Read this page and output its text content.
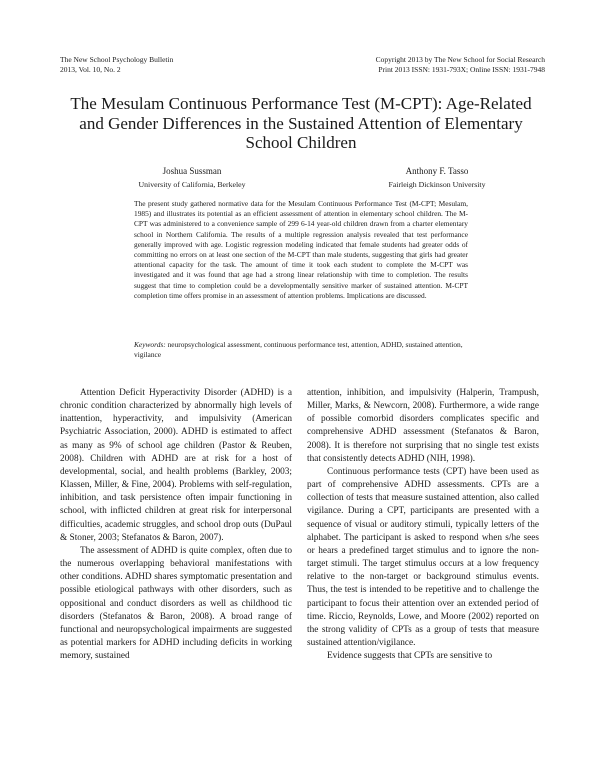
The New School Psychology Bulletin
2013, Vol. 10, No. 2
Copyright 2013 by The New School for Social Research
Print 2013 ISSN: 1931-793X; Online ISSN: 1931-7948
The Mesulam Continuous Performance Test (M-CPT): Age-Related and Gender Differences in the Sustained Attention of Elementary School Children
Joshua Sussman
University of California, Berkeley
Anthony F. Tasso
Fairleigh Dickinson University

The present study gathered normative data for the Mesulam Continuous Performance Test (M-CPT; Mesulam, 1985) and illustrates its potential as an efficient assessment of attention in elementary school children. The M-CPT was administered to a convenience sample of 299 6-14 year-old children drawn from a charter elementary school in Northern California. The results of a multiple regression analysis revealed that test performance generally improved with age. Logistic regression modeling indicated that female students had greater odds of committing no errors on at least one section of the M-CPT than male students, suggesting that girls had greater attentional capacity for the task. The amount of time it took each student to complete the M-CPT was investigated and it was found that age had a strong linear relationship with time to completion. The results suggest that time to completion could be a developmentally sensitive marker of sustained attention. M-CPT completion time offers promise in an assessment of attention problems. Implications are discussed.

Keywords: neuropsychological assessment, continuous performance test, attention, ADHD, sustained attention, vigilance

Attention Deficit Hyperactivity Disorder (ADHD) is a chronic condition characterized by abnormally high levels of inattention, hyperactivity, and impulsivity (American Psychiatric Association, 2000). ADHD is estimated to affect as many as 9% of school age children (Pastor & Reuben, 2008). Children with ADHD are at risk for a host of developmental, social, and health problems (Barkley, 2003; Klassen, Miller, & Fine, 2004). Problems with self-regulation, inhibition, and task persistence often impair functioning in school, with inflicted children at great risk for interpersonal difficulties, academic struggles, and school drop outs (DuPaul & Stoner, 2003; Stefanatos & Baron, 2007).

The assessment of ADHD is quite complex, often due to the numerous overlapping behavioral manifestations with other conditions. ADHD shares symptomatic presentation and possible etiological pathways with other disorders, such as oppositional and conduct disorders as well as childhood tic disorders (Stefanatos & Baron, 2008). A broad range of functional and neuropsychological impairments are suggested as potential markers for ADHD including deficits in working memory, sustained

attention, inhibition, and impulsivity (Halperin, Trampush, Miller, Marks, & Newcorn, 2008). Furthermore, a wide range of possible comorbid disorders complicates specific and comprehensive ADHD assessment (Stefanatos & Baron, 2008). It is therefore not surprising that no single test exists that consistently detects ADHD (NIH, 1998).

Continuous performance tests (CPT) have been used as part of comprehensive ADHD assessments. CPTs are a collection of tests that measure sustained attention, also called vigilance. During a CPT, participants are presented with a sequence of visual or auditory stimuli, typically letters of the alphabet. The participant is asked to respond when s/he sees or hears a predefined target stimulus and to ignore the non-target stimuli. The target stimulus occurs at a low frequency relative to the non-target or background stimulus events. Thus, the test is intended to be repetitive and to challenge the participant to focus their attention over an extended period of time. Riccio, Reynolds, Lowe, and Moore (2002) reported on the strong validity of CPTs as a group of tests that measure sustained attention/vigilance.

Evidence suggests that CPTs are sensitive to
